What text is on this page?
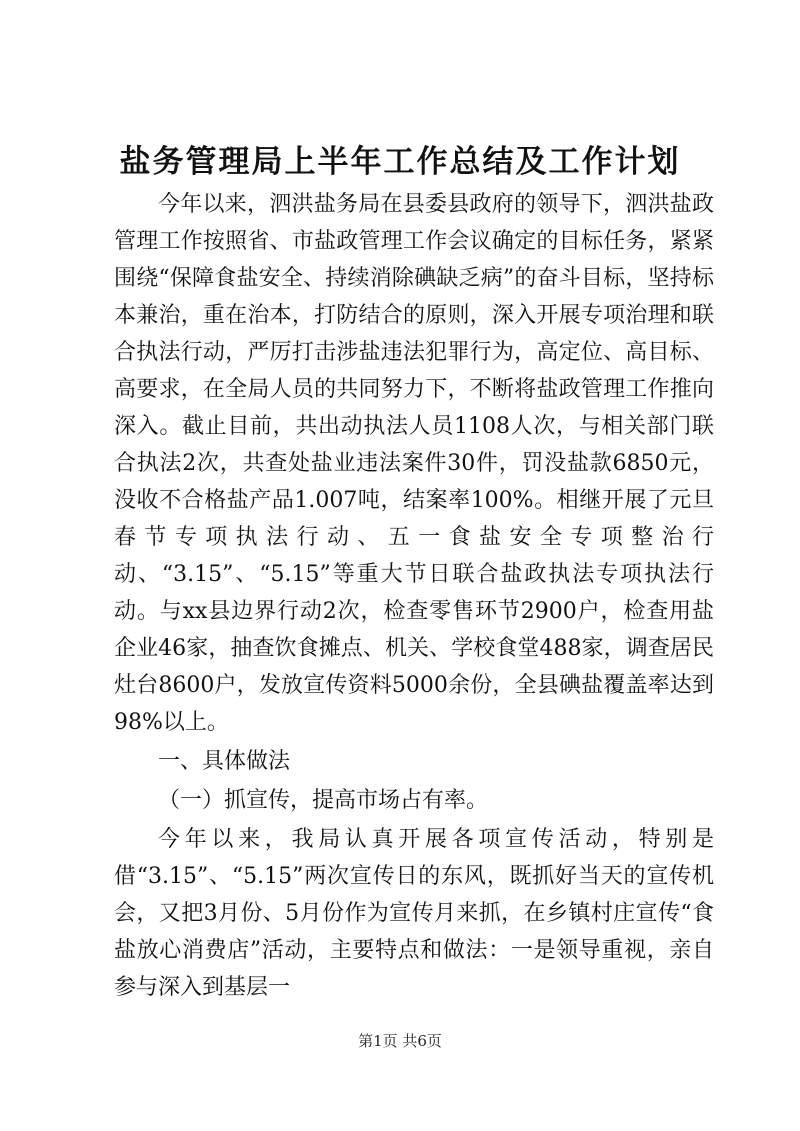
盐务管理局上半年工作总结及工作计划

今年以来，泗洪盐务局在县委县政府的领导下，泗洪盐政管理工作按照省、市盐政管理工作会议确定的目标任务，紧紧围绕“保障食盐安全、持续消除碘缺乏病”的奋斗目标，坚持标本兼治，重在治本，打防结合的原则，深入开展专项治理和联合执法行动，严厉打击涉盐违法犯罪行为，高定位、高目标、高要求，在全局人员的共同努力下，不断将盐政管理工作推向深入。截止目前，共出动执法人员1108人次，与相关部门联合执法2次，共查处盐业违法案件30件，罚没盐款6850元，没收不合格盐产品1.007吨，结案率100%。相继开展了元旦春节专项执法行动、五一食盐安全专项整治行动、“3.15”、“5.15”等重大节日联合盐政执法专项执法行动。与xx县边界行动2次，检查零售环节2900户，检查用盐企业46家，抽查饮食摊点、机关、学校食堂488家，调查居民灶台8600户，发放宣传资料5000余份，全县碘盐覆盖率达到98%以上。

一、具体做法

（一）抓宣传，提高市场占有率。

今年以来，我局认真开展各项宣传活动，特别是借“3.15”、“5.15”两次宣传日的东风，既抓好当天的宣传机会，又把3月份、5月份作为宣传月来抓，在乡镇村庄宣传“食盐放心消费店”活动，主要特点和做法：一是领导重视，亲自参与深入到基层一

第1页 共6页
